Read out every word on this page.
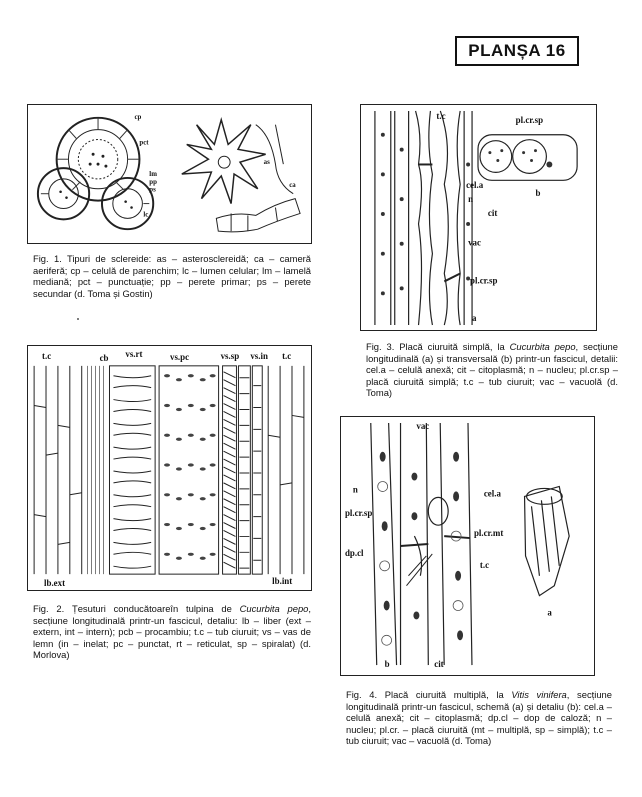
PLANȘA 16
cp
pct
lm
pp
ps
lc
as
ca

Fig. 1. Tipuri de sclereide: as – asterosclereidă; ca – cameră aeriferă; cp – celulă de parenchim; lc – lumen celular; lm – lamelă mediană; pct – punctuație; pp – perete primar; ps – perete secundar (d. Toma și Gostin)

t.c	pl.cr.sp
cel.a
n
cit
vac
pl.cr.sp
a
b

Fig. 3. Placă ciuruită simplă, la Cucurbita pepo, secțiune longitudinală (a) și transversală (b) printr-un fascicul, detalii: cel.a – celulă anexă; cit – citoplasmă; n – nucleu; pl.cr.sp – placă ciuruită simplă; t.c – tub ciuruit; vac – vacuolă (d. Toma)

t.c	cb vs.rt	vs.pc	vs.sp vs.in t.c
lb.ext	lb.int

Fig. 2. Țesuturi conducătoareîn tulpina de Cucurbita pepo, secțiune longitudinală printr-un fascicul, detaliu: lb – liber (ext – extern, int – intern); pcb – procambiu; t.c – tub ciuruit; vs – vas de lemn (in – inelat; pc – punctat, rt – reticulat, sp – spiralat) (d. Morlova)

vac
n
pl.cr.sp
cel.a
pl.cr.mt
dp.cl
t.c
a
b	cit

Fig. 4. Placă ciuruită multiplă, la Vitis vinifera, secțiune longitudinală printr-un fascicul, schemă (a) și detaliu (b): cel.a – celulă anexă; cit – citoplasmă; dp.cl – dop de caloză; n – nucleu; pl.cr. – placă ciuruită (mt – multiplă, sp – simplă); t.c – tub ciuruit; vac – vacuolă (d. Toma)
